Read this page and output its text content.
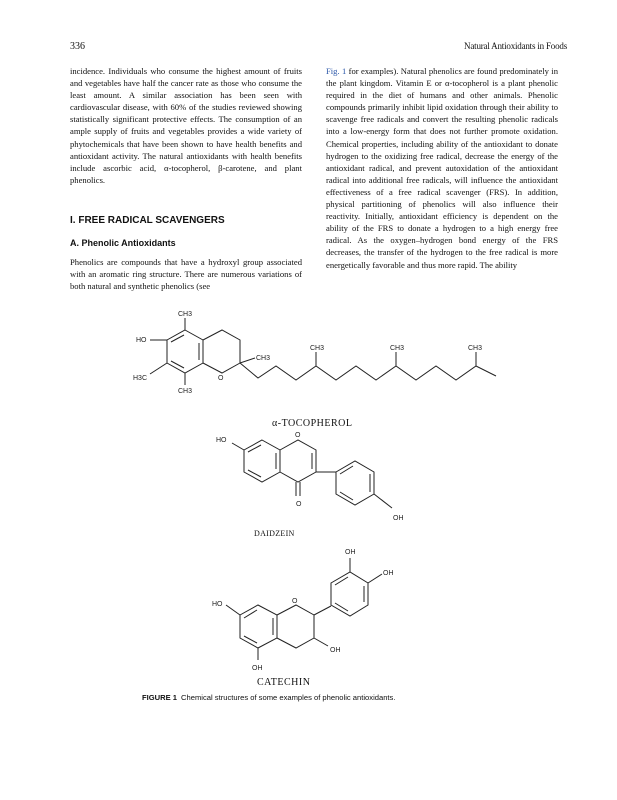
336	Natural Antioxidants in Foods

incidence. Individuals who consume the highest amount of fruits and vegetables have half the cancer rate as those who consume the least amount. A similar association has been seen with cardiovascular disease, with 60% of the studies reviewed showing statistically significant protective effects. The consumption of an ample supply of fruits and vegetables provides a wide variety of phytochemicals that have been shown to have health benefits and antioxidant activity. The natural antioxidants with health benefits include ascorbic acid, α-tocopherol, β-carotene, and plant phenolics.

I. FREE RADICAL SCAVENGERS
A. Phenolic Antioxidants

Phenolics are compounds that have a hydroxyl group associated with an aromatic ring structure. There are numerous variations of both natural and synthetic phenolics (see

Fig. 1 for examples). Natural phenolics are found predominately in the plant kingdom. Vitamin E or α-tocopherol is a plant phenolic required in the diet of humans and other animals. Phenolic compounds primarily inhibit lipid oxidation through their ability to scavenge free radicals and convert the resulting phenolic radicals into a low-energy form that does not further promote oxidation. Chemical properties, including ability of the antioxidant to donate hydrogen to the oxidizing free radical, decrease the energy of the antioxidant radical, and prevent autoxidation of the antioxidant radical into additional free radicals, will influence the antioxidant effectiveness of a free radical scavenger (FRS). In addition, physical partitioning of phenolics will also influence their reactivity. Initially, antioxidant efficiency is dependent on the ability of the FRS to donate a hydrogen to a high energy free radical. As the oxygen–hydrogen bond energy of the FRS decreases, the transfer of the hydrogen to the free radical is more energetically favorable and thus more rapid. The ability

CH3
HO
H3C
CH3
O
CH3
CH3	CH3	CH3
HO
O
O
OH
OH
OH
HO	O
OH
OH
α-TOCOPHEROL
DAIDZEIN
CATECHIN
FIGURE 1 Chemical structures of some examples of phenolic antioxidants.
